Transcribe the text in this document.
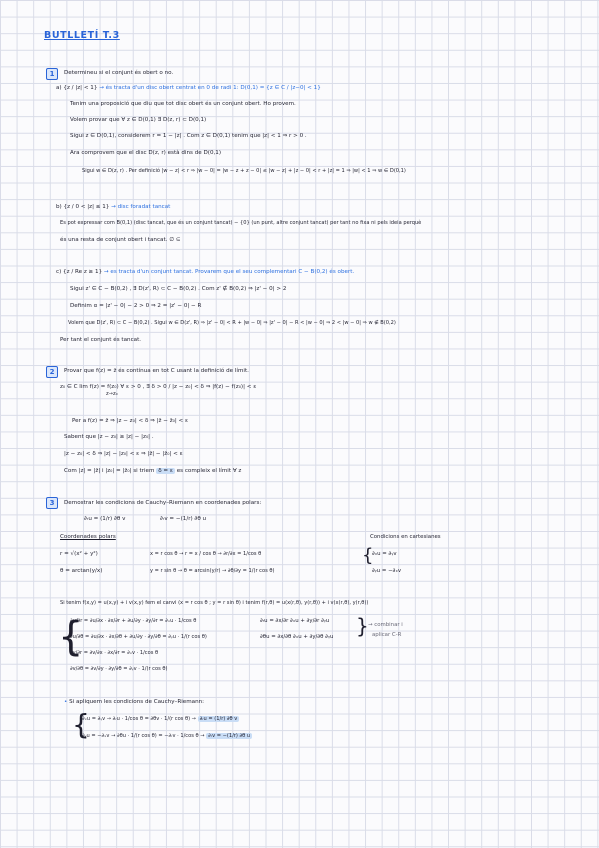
BUTLLETÍ T.3
1	Determineu si el conjunt és obert o no.
a) {z / |z| < 1} → és tracta d'un disc obert centrat en 0 de radi 1: D(0,1) = {z ∈ C / |z−0| < 1}
Tenim una proposició que diu que tot disc obert és un conjunt obert. Ho provem.
Volem provar que ∀ z ∈ D(0,1) ∃ D(z, r) ⊂ D(0,1)
Sigui z ∈ D(0,1), considerem r = 1 − |z| . Com z ∈ D(0,1) tenim que |z| < 1 ⇒ r > 0 .
Ara comprovem que el disc D(z, r) està dins de D(0,1)
Sigui w ∈ D(z, r) . Per definició |w − z| < r ⇒ |w − 0| = |w − z + z − 0| ≤ |w − z| + |z − 0| < r + |z| = 1 ⇒ |w| < 1 ⇒ w ∈ D(0,1)
b) {z / 0 < |z| ≤ 1} → disc foradat tancat
Es pot expressar com B(0,1) (disc tancat, que és un conjunt tancat) − {0} (un punt, altre conjunt tancat) per tant no fixa ni pels ideia perquè
és una resta de conjunt obert i tancat. ∅ ⊆
c) {z / Re z ≥ 1} → es tracta d'un conjunt tancat. Provarem que el seu complementari C − B(0,2) és obert.
Sigui z' ∈ C − B(0,2) , ∃ D(z', R) ⊂ C − B(0,2) . Com z' ∉ B(0,2) ⇒ |z' − 0| > 2
Definim α = |z' − 0| − 2 > 0 ⇒ 2 = |z' − 0| − R
Volem que D(z', R) ⊂ C − B(0,2) . Sigui w ∈ D(z', R) ⇒ |z' − 0| < R + |w − 0| ⇒ |z' − 0| − R < |w − 0| ⇒ 2 < |w − 0| ⇒ w ∉ B(0,2)
Per tant el conjunt és tancat.
2	Provar que f(z) = z̄ és contínua en tot C usant la definició de límit.
z₀ ∈ C lim f(z) = f(z₀) ∀ ε > 0 , ∃ δ > 0 / |z − z₀| < δ ⇒ |f(z) − f(z₀)| < ε
z→z₀
Per a f(z) = z̄ ⇒ |z − z₀| < δ ⇒ |z̄ − z̄₀| < ε
Sabent que |z − z₀| ≥ |z| − |z₀| .
|z − z₀| < δ ⇒ |z| − |z₀| < ε ⇒ |z̄| − |z̄₀| < ε
Com |z| = |z̄| i |z₀| = |z̄₀| si triem δ = ε es compleix el límit ∀ z
3	Demostrar les condicions de Cauchy–Riemann en coordenades polars:
∂ᵣu = (1/r) ∂θ v	∂ᵣv = −(1/r) ∂θ u
Coordenades polars	Condicions en cartesianes
r = √(x² + y²)	x = r cos θ → r = x / cos θ → ∂r/∂x = 1/cos θ
θ = arctan(y/x)	y = r sin θ → θ = arcsin(y/r) → ∂θ/∂y = 1/(r cos θ)
{
∂ₓu = ∂ᵧv
∂ᵧu = −∂ₓv
Si tenim f(x,y) = u(x,y) + i v(x,y) fem el canvi (x = r cos θ ; y = r sin θ) i tenim f(r,θ) = u(x(r,θ), y(r,θ)) + i v(x(r,θ), y(r,θ))
{
∂u/∂r = ∂u/∂x · ∂x/∂r + ∂u/∂y · ∂y/∂r = ∂ₓu · 1/cos θ
∂u/∂θ = ∂u/∂x · ∂x/∂θ + ∂u/∂y · ∂y/∂θ = ∂ᵧu · 1/(r cos θ)
∂v/∂r = ∂v/∂x · ∂x/∂r = ∂ₓv · 1/cos θ
∂v/∂θ = ∂v/∂y · ∂y/∂θ = ∂ᵧv · 1/(r cos θ)
∂ᵣu = ∂x/∂r ∂ₓu + ∂y/∂r ∂ᵧu
∂θu = ∂x/∂θ ∂ₓu + ∂y/∂θ ∂ᵧu } → combinar i
aplicar C-R
• Si apliquem les condicions de Cauchy–Riemann:
{
∂ₓu = ∂ᵧv → ∂ᵣu · 1/cos θ = ∂θv · 1/(r cos θ) → ∂ᵣu = (1/r) ∂θ v
∂ᵧu = −∂ₓv → ∂θu · 1/(r cos θ) = −∂ᵣv · 1/cos θ → ∂ᵣv = −(1/r) ∂θ u
